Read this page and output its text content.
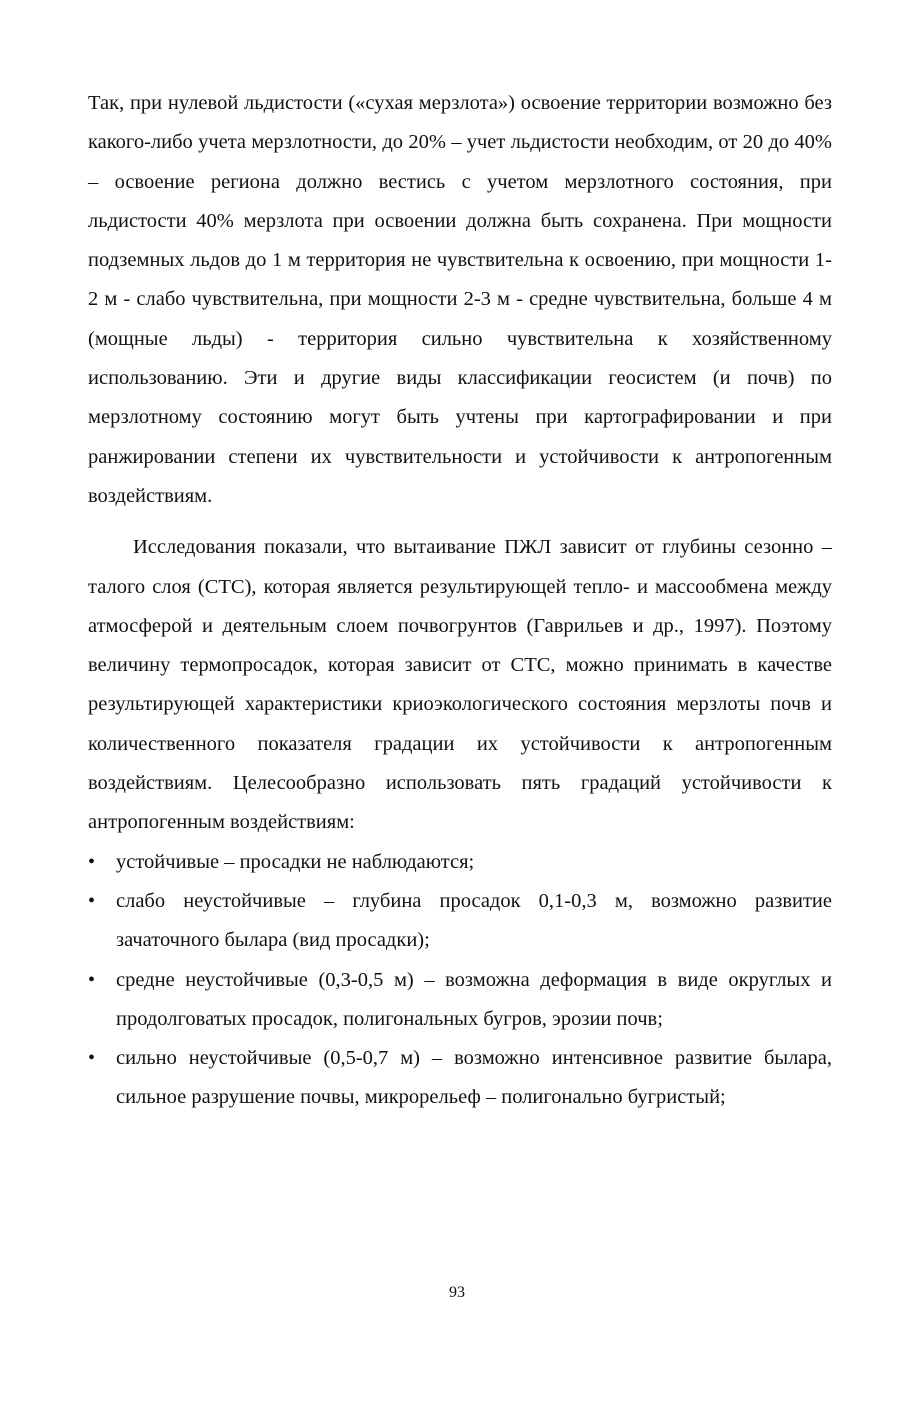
Так, при нулевой льдистости («сухая мерзлота») освоение территории возможно без какого-либо учета мерзлотности, до 20% – учет льдистости необходим, от 20 до 40% – освоение региона должно вестись с учетом мерзлотного состояния, при льдистости 40% мерзлота при освоении должна быть сохранена. При мощности подземных льдов до 1 м территория не чувствительна к освоению, при мощности 1-2 м - слабо чувствительна, при мощности 2-3 м - средне чувствительна, больше 4 м (мощные льды) - территория сильно чувствительна к хозяйственному использованию. Эти и другие виды классификации геосистем (и почв) по мерзлотному состоянию могут быть учтены при картографировании и при ранжировании степени их чувствительности и устойчивости к антропогенным воздействиям.

Исследования показали, что вытаивание ПЖЛ зависит от глубины сезонно – талого слоя (СТС), которая является результирующей тепло- и массообмена между атмосферой и деятельным слоем почвогрунтов (Гаврильев и др., 1997). Поэтому величину термопросадок, которая зависит от СТС, можно принимать в качестве результирующей характеристики криоэкологического состояния мерзлоты почв и количественного показателя градации их устойчивости к антропогенным воздействиям. Целесообразно использовать пять градаций устойчивости к антропогенным воздействиям:

•	устойчивые – просадки не наблюдаются;
•	слабо неустойчивые – глубина просадок 0,1-0,3 м, возможно развитие зачаточного былара (вид просадки);
•	средне неустойчивые (0,3-0,5 м) – возможна деформация в виде округлых и продолговатых просадок, полигональных бугров, эрозии почв;
•	сильно неустойчивые (0,5-0,7 м) – возможно интенсивное развитие былара, сильное разрушение почвы, микрорельеф – полигонально бугристый;
93
